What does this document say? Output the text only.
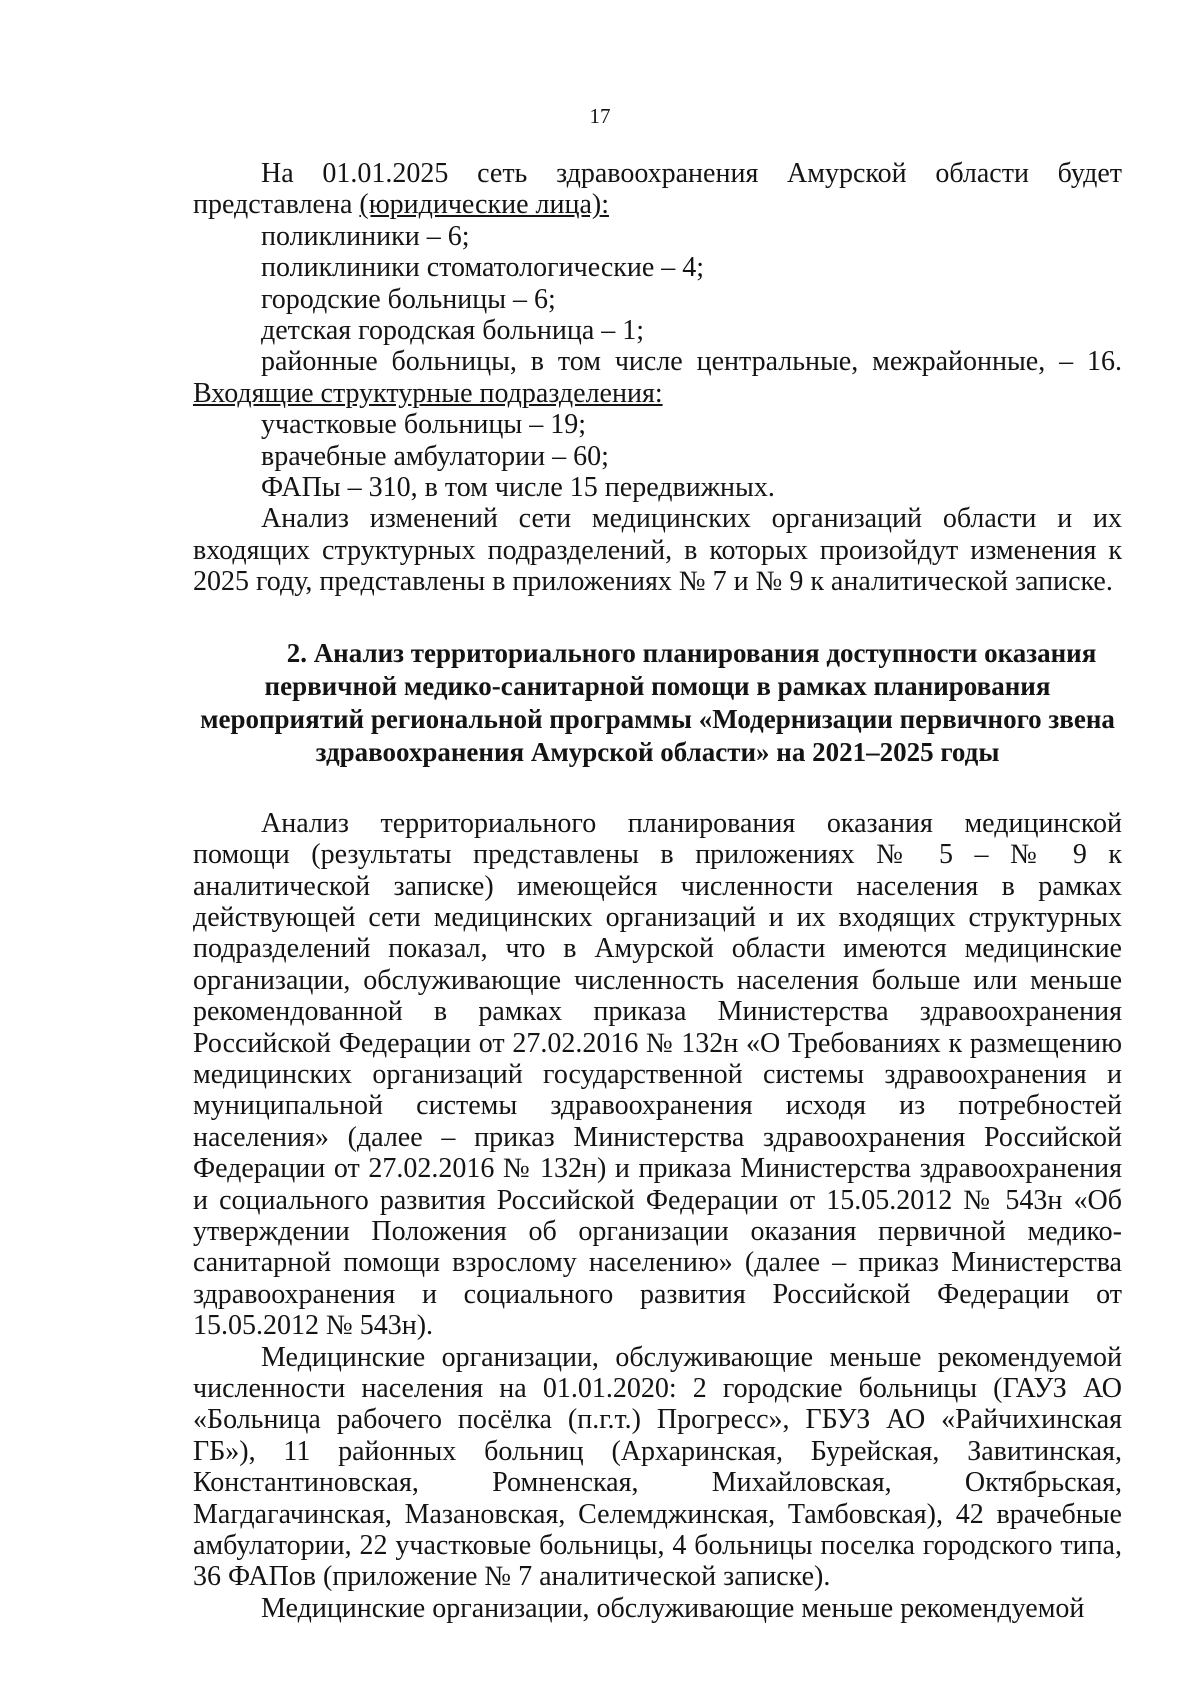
17

На 01.01.2025 сеть здравоохранения Амурской области будет представлена (юридические лица):

поликлиники – 6;

поликлиники стоматологические – 4;

городские больницы – 6;

детская городская больница – 1;

районные больницы, в том числе центральные, межрайонные, – 16. Входящие структурные подразделения:

участковые больницы – 19;

врачебные амбулатории – 60;

ФАПы – 310, в том числе 15 передвижных.

Анализ изменений сети медицинских организаций области и их входящих структурных подразделений, в которых произойдут изменения к 2025 году, представлены в приложениях № 7 и № 9 к аналитической записке.

2. Анализ территориального планирования доступности оказания
первичной медико-санитарной помощи в рамках планирования
мероприятий региональной программы «Модернизации первичного звена
здравоохранения Амурской области» на 2021–2025 годы

Анализ территориального планирования оказания медицинской помощи (результаты представлены в приложениях № 5 – № 9 к аналитической записке) имеющейся численности населения в рамках действующей сети медицинских организаций и их входящих структурных подразделений показал, что в Амурской области имеются медицинские организации, обслуживающие численность населения больше или меньше рекомендованной в рамках приказа Министерства здравоохранения Российской Федерации от 27.02.2016 № 132н «О Требованиях к размещению медицинских организаций государственной системы здравоохранения и муниципальной системы здравоохранения исходя из потребностей населения» (далее – приказ Министерства здравоохранения Российской Федерации от 27.02.2016 № 132н) и приказа Министерства здравоохранения и социального развития Российской Федерации от 15.05.2012 № 543н «Об утверждении Положения об организации оказания первичной медико-санитарной помощи взрослому населению» (далее – приказ Министерства здравоохранения и социального развития Российской Федерации от 15.05.2012 № 543н).

Медицинские организации, обслуживающие меньше рекомендуемой численности населения на 01.01.2020: 2 городские больницы (ГАУЗ АО «Больница рабочего посёлка (п.г.т.) Прогресс», ГБУЗ АО «Райчихинская ГБ»), 11 районных больниц (Архаринская, Бурейская, Завитинская, Константиновская, Ромненская, Михайловская, Октябрьская, Магдагачинская, Мазановская, Селемджинская, Тамбовская), 42 врачебные амбулатории, 22 участковые больницы, 4 больницы поселка городского типа, 36 ФАПов (приложение № 7 аналитической записке).

Медицинские организации, обслуживающие меньше рекомендуемой
